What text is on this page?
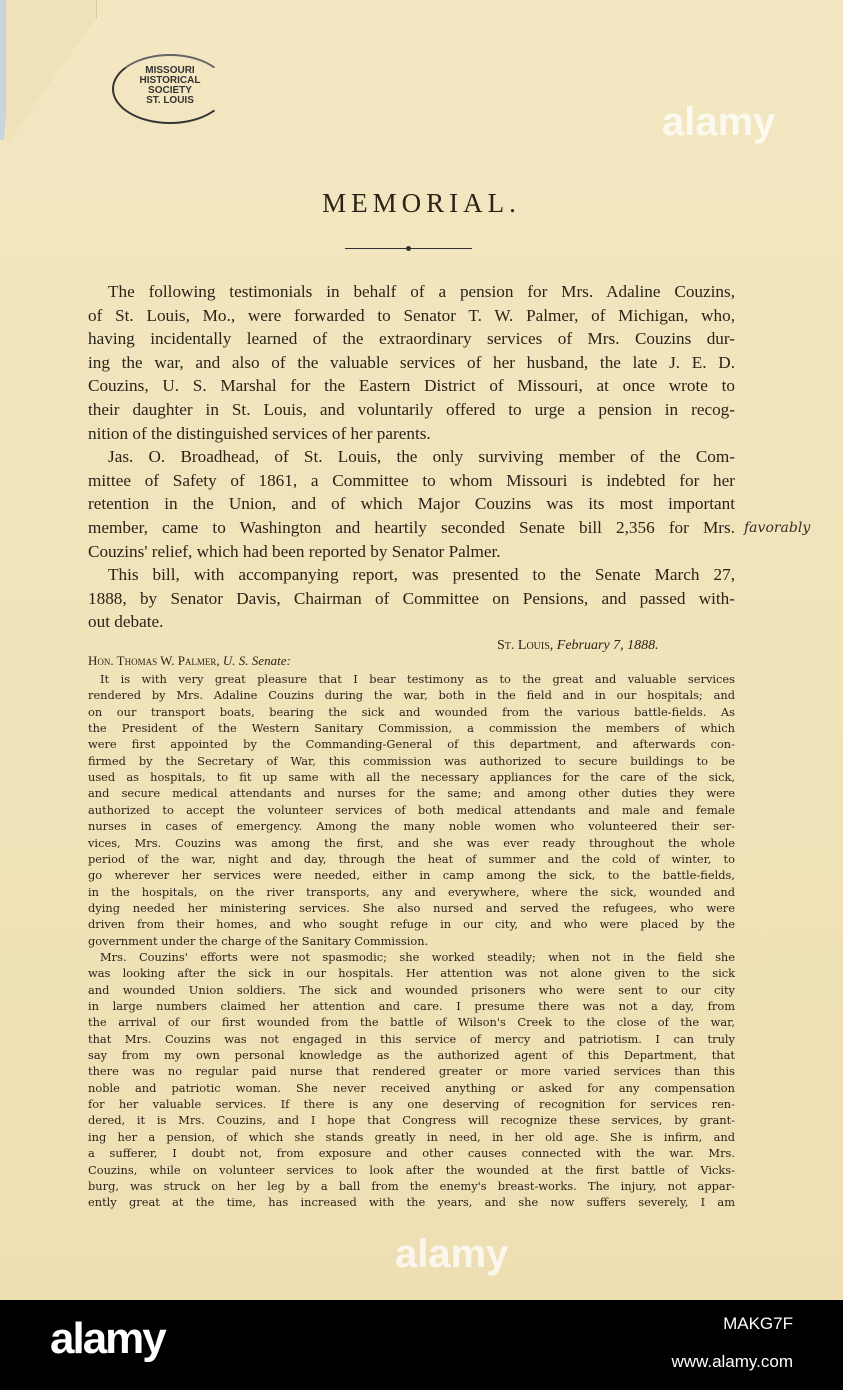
MISSOURI
HISTORICAL
SOCIETY
ST. LOUIS
MEMORIAL.
The following testimonials in behalf of a pension for Mrs. Adaline Couzins,
of St. Louis, Mo., were forwarded to Senator T. W. Palmer, of Michigan, who,
having incidentally learned of the extraordinary services of Mrs. Couzins dur-
ing the war, and also of the valuable services of her husband, the late J. E. D.
Couzins, U. S. Marshal for the Eastern District of Missouri, at once wrote to
their daughter in St. Louis, and voluntarily offered to urge a pension in recog-
nition of the distinguished services of her parents.
Jas. O. Broadhead, of St. Louis, the only surviving member of the Com-
mittee of Safety of 1861, a Committee to whom Missouri is indebted for her
retention in the Union, and of which Major Couzins was its most important
member, came to Washington and heartily seconded Senate bill 2,356 for Mrs.
Couzins' relief, which had been reported by Senator Palmer.
This bill, with accompanying report, was presented to the Senate March 27,
1888, by Senator Davis, Chairman of Committee on Pensions, and passed with-
out debate.
favorably
St. Louis, February 7, 1888.
Hon. Thomas W. Palmer, U. S. Senate:
It is with very great pleasure that I bear testimony as to the great and valuable services
rendered by Mrs. Adaline Couzins during the war, both in the field and in our hospitals; and
on our transport boats, bearing the sick and wounded from the various battle-fields. As
the President of the Western Sanitary Commission, a commission the members of which
were first appointed by the Commanding-General of this department, and afterwards con-
firmed by the Secretary of War, this commission was authorized to secure buildings to be
used as hospitals, to fit up same with all the necessary appliances for the care of the sick,
and secure medical attendants and nurses for the same; and among other duties they were
authorized to accept the volunteer services of both medical attendants and male and female
nurses in cases of emergency. Among the many noble women who volunteered their ser-
vices, Mrs. Couzins was among the first, and she was ever ready throughout the whole
period of the war, night and day, through the heat of summer and the cold of winter, to
go wherever her services were needed, either in camp among the sick, to the battle-fields,
in the hospitals, on the river transports, any and everywhere, where the sick, wounded and
dying needed her ministering services. She also nursed and served the refugees, who were
driven from their homes, and who sought refuge in our city, and who were placed by the
government under the charge of the Sanitary Commission.
Mrs. Couzins' efforts were not spasmodic; she worked steadily; when not in the field she
was looking after the sick in our hospitals. Her attention was not alone given to the sick
and wounded Union soldiers. The sick and wounded prisoners who were sent to our city
in large numbers claimed her attention and care. I presume there was not a day, from
the arrival of our first wounded from the battle of Wilson's Creek to the close of the war,
that Mrs. Couzins was not engaged in this service of mercy and patriotism. I can truly
say from my own personal knowledge as the authorized agent of this Department, that
there was no regular paid nurse that rendered greater or more varied services than this
noble and patriotic woman. She never received anything or asked for any compensation
for her valuable services. If there is any one deserving of recognition for services ren-
dered, it is Mrs. Couzins, and I hope that Congress will recognize these services, by grant-
ing her a pension, of which she stands greatly in need, in her old age. She is infirm, and
a sufferer, I doubt not, from exposure and other causes connected with the war. Mrs.
Couzins, while on volunteer services to look after the wounded at the first battle of Vicks-
burg, was struck on her leg by a ball from the enemy's breast-works. The injury, not appar-
ently great at the time, has increased with the years, and she now suffers severely, I am
alamy
alamy
alamy	MAKG7F
www.alamy.com
